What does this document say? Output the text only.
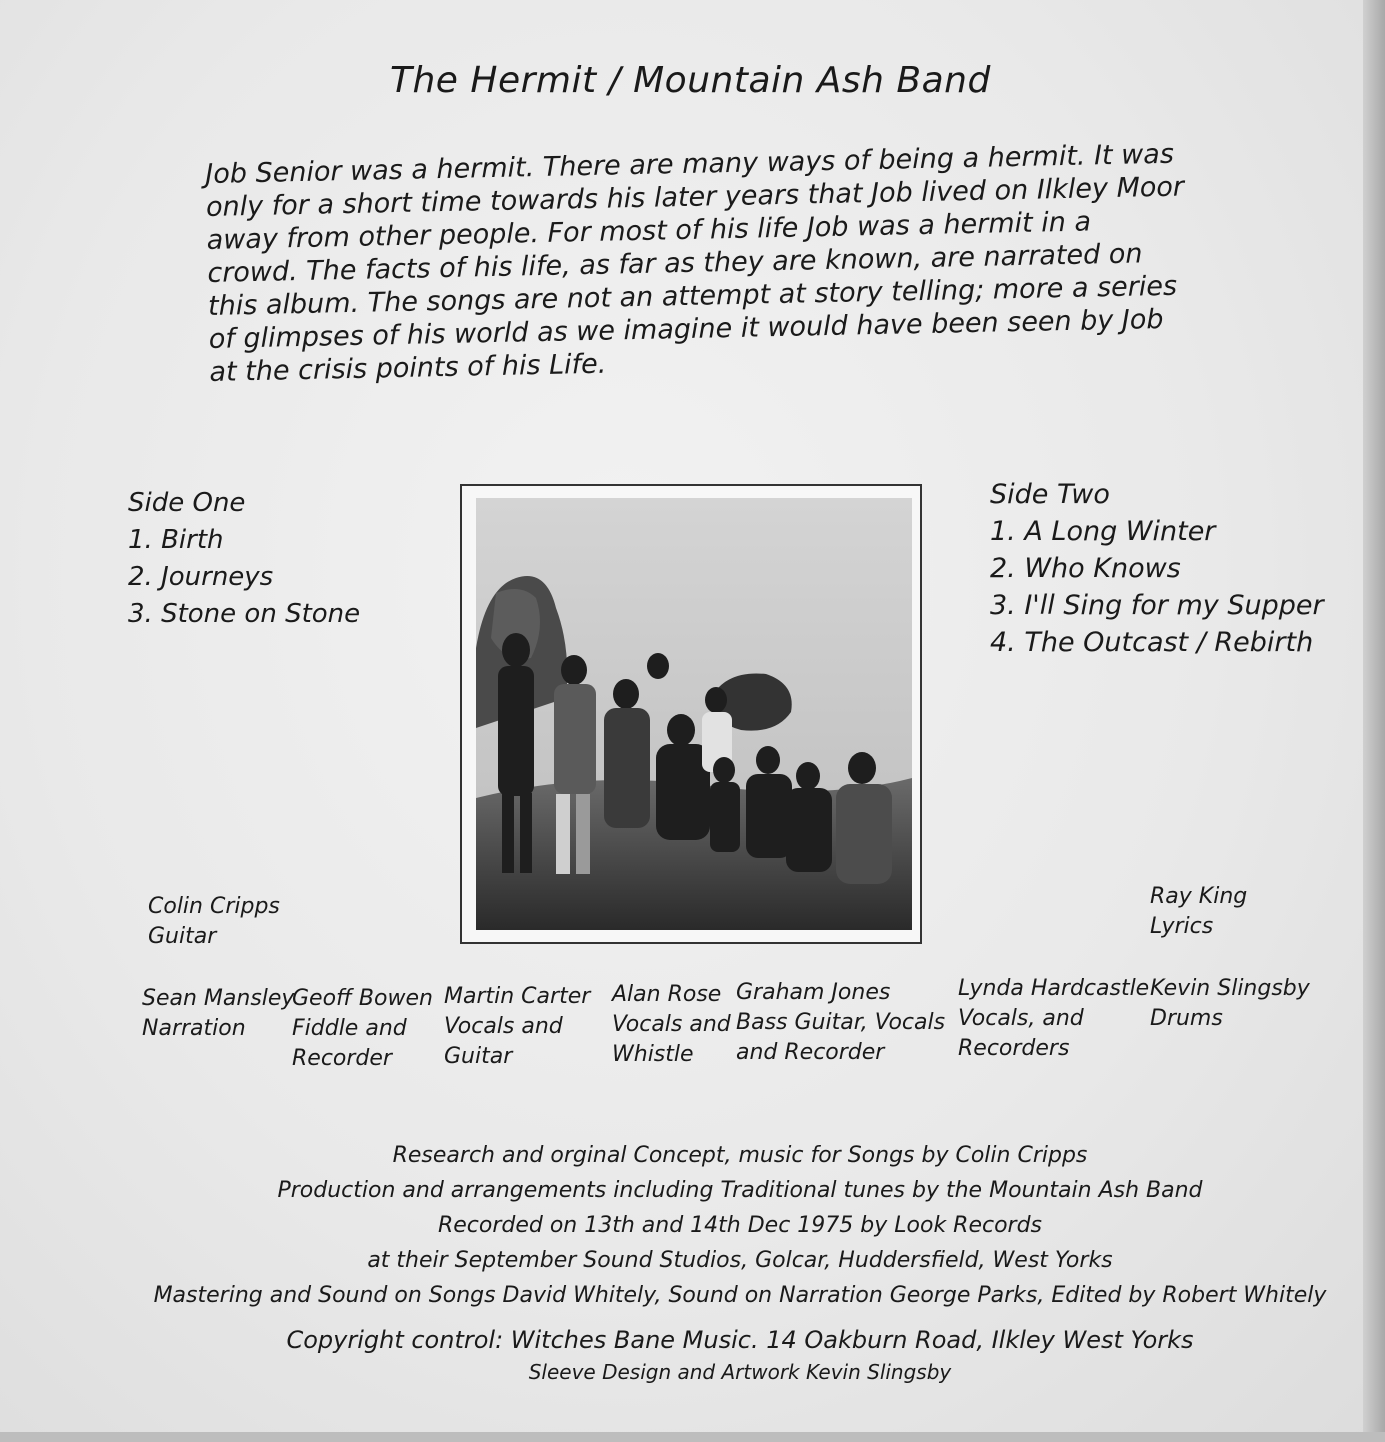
The Hermit / Mountain Ash Band
Job Senior was a hermit. There are many ways of being a hermit. It was only for a short time towards his later years that Job lived on Ilkley Moor away from other people. For most of his life Job was a hermit in a crowd. The facts of his life, as far as they are known, are narrated on this album. The songs are not an attempt at story telling; more a series of glimpses of his world as we imagine it would have been seen by Job at the crisis points of his Life.
Side One
1. Birth
2. Journeys
3. Stone on Stone
Side Two
1. A Long Winter
2. Who Knows
3. I'll Sing for my Supper
4. The Outcast / Rebirth
Colin Cripps
Guitar
Ray King
Lyrics
Sean Mansley
Narration
Geoff Bowen
Fiddle and
Recorder
Martin Carter
Vocals and
Guitar
Alan Rose
Vocals and
Whistle
Graham Jones
Bass Guitar, Vocals
and Recorder
Lynda Hardcastle
Vocals, and
Recorders
Kevin Slingsby
Drums
Research and orginal Concept, music for Songs by Colin Cripps
Production and arrangements including Traditional tunes by the Mountain Ash Band
Recorded on 13th and 14th Dec 1975 by Look Records
at their September Sound Studios, Golcar, Huddersfield, West Yorks
Mastering and Sound on Songs David Whitely, Sound on Narration George Parks, Edited by Robert Whitely
Copyright control: Witches Bane Music. 14 Oakburn Road, Ilkley West Yorks
Sleeve Design and Artwork Kevin Slingsby
